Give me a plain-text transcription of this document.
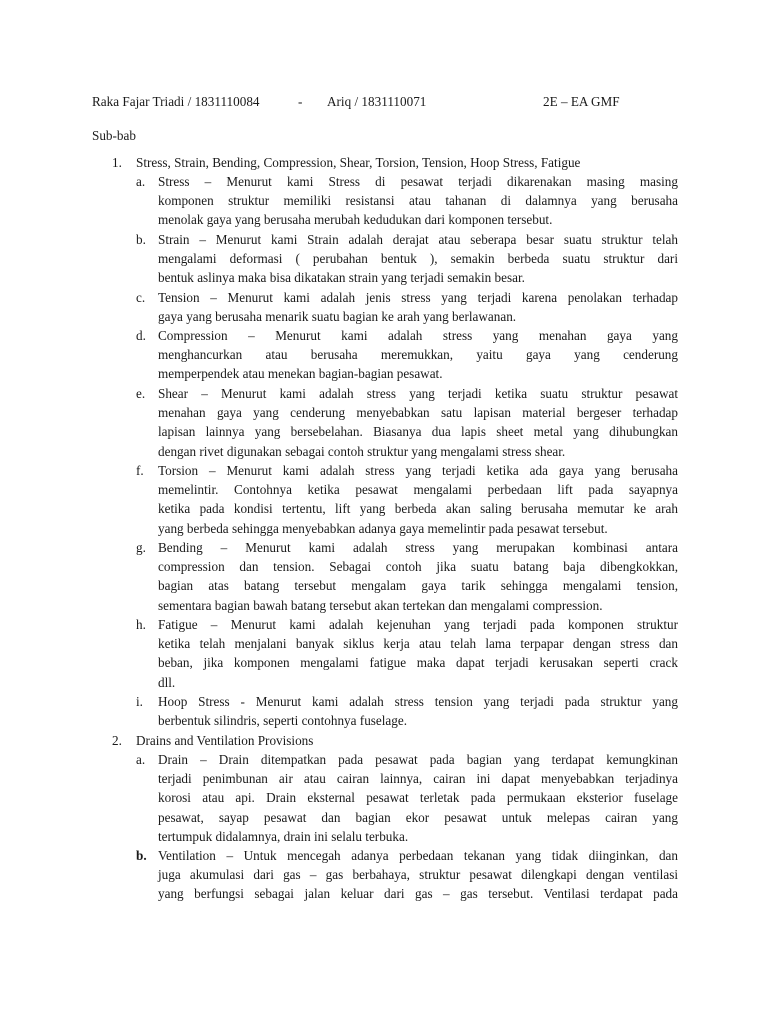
Raka Fajar Triadi / 1831110084	- Ariq / 1831110071	2E – EA GMF
Sub-bab
1. Stress, Strain, Bending, Compression, Shear, Torsion, Tension, Hoop Stress, Fatigue
a. Stress – Menurut kami Stress di pesawat terjadi dikarenakan masing masing
komponen struktur memiliki resistansi atau tahanan di dalamnya yang berusaha
menolak gaya yang berusaha merubah kedudukan dari komponen tersebut.
b. Strain – Menurut kami Strain adalah derajat atau seberapa besar suatu struktur telah
mengalami deformasi ( perubahan bentuk ), semakin berbeda suatu struktur dari
bentuk aslinya maka bisa dikatakan strain yang terjadi semakin besar.
c. Tension – Menurut kami adalah jenis stress yang terjadi karena penolakan terhadap
gaya yang berusaha menarik suatu bagian ke arah yang berlawanan.
d. Compression – Menurut kami adalah stress yang menahan gaya yang
menghancurkan atau berusaha meremukkan, yaitu gaya yang cenderung
memperpendek atau menekan bagian-bagian pesawat.
e. Shear – Menurut kami adalah stress yang terjadi ketika suatu struktur pesawat
menahan gaya yang cenderung menyebabkan satu lapisan material bergeser terhadap
lapisan lainnya yang bersebelahan. Biasanya dua lapis sheet metal yang dihubungkan
dengan rivet digunakan sebagai contoh struktur yang mengalami stress shear.
f. Torsion – Menurut kami adalah stress yang terjadi ketika ada gaya yang berusaha
memelintir. Contohnya ketika pesawat mengalami perbedaan lift pada sayapnya
ketika pada kondisi tertentu, lift yang berbeda akan saling berusaha memutar ke arah
yang berbeda sehingga menyebabkan adanya gaya memelintir pada pesawat tersebut.
g. Bending – Menurut kami adalah stress yang merupakan kombinasi antara
compression dan tension. Sebagai contoh jika suatu batang baja dibengkokkan,
bagian atas batang tersebut mengalam gaya tarik sehingga mengalami tension,
sementara bagian bawah batang tersebut akan tertekan dan mengalami compression.
h. Fatigue – Menurut kami adalah kejenuhan yang terjadi pada komponen struktur
ketika telah menjalani banyak siklus kerja atau telah lama terpapar dengan stress dan
beban, jika komponen mengalami fatigue maka dapat terjadi kerusakan seperti crack
dll.
i. Hoop Stress - Menurut kami adalah stress tension yang terjadi pada struktur yang
berbentuk silindris, seperti contohnya fuselage.
2. Drains and Ventilation Provisions
a. Drain – Drain ditempatkan pada pesawat pada bagian yang terdapat kemungkinan
terjadi penimbunan air atau cairan lainnya, cairan ini dapat menyebabkan terjadinya
korosi atau api. Drain eksternal pesawat terletak pada permukaan eksterior fuselage
pesawat, sayap pesawat dan bagian ekor pesawat untuk melepas cairan yang
tertumpuk didalamnya, drain ini selalu terbuka.
b. Ventilation – Untuk mencegah adanya perbedaan tekanan yang tidak diinginkan, dan
juga akumulasi dari gas – gas berbahaya, struktur pesawat dilengkapi dengan ventilasi
yang berfungsi sebagai jalan keluar dari gas – gas tersebut. Ventilasi terdapat pada
